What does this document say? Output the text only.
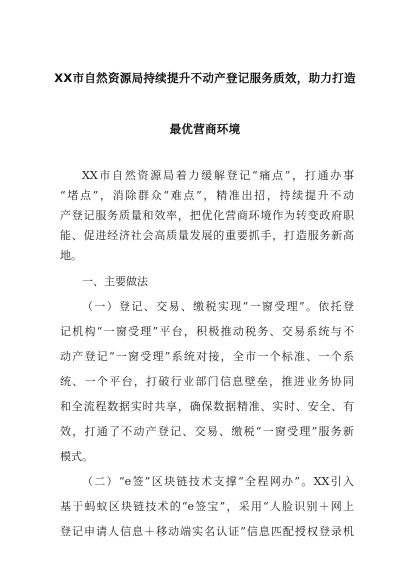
XX市自然资源局持续提升不动产登记服务质效，助力打造
最优营商环境
XX市自然资源局着力缓解登记“痛点”，打通办事
“堵点”，消除群众“难点”，精准出招，持续提升不动
产登记服务质量和效率，把优化营商环境作为转变政府职
能、促进经济社会高质量发展的重要抓手，打造服务新高
地。
一、主要做法
（一）登记、交易、缴税实现“一窗受理”。依托登
记机构“一窗受理”平台，积极推动税务、交易系统与不
动产登记“一窗受理”系统对接，全市一个标准、一个系
统、一个平台，打破行业部门信息壁垒，推进业务协同
和全流程数据实时共享，确保数据精准、实时、安全、有
效，打通了不动产登记、交易、缴税“一窗受理”服务新
模式。
（二）“e签”区块链技术支撑“全程网办”。XX引入
基于蚂蚁区块链技术的“e签宝”，采用“人脸识别＋网上
登记申请人信息＋移动端实名认证”信息匹配授权登录机
